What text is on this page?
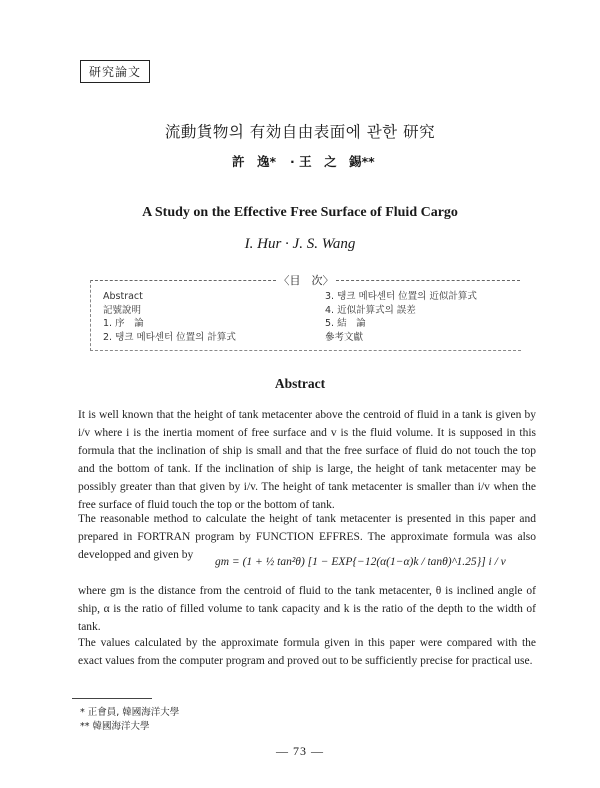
研究論文
流動貨物의 有効自由表面에 관한 研究
許　逸* · 王　之　錫**
A Study on the Effective Free Surface of Fluid Cargo
I. Hur · J. S. Wang
〈目　次〉
Abstract
記號說明
1. 序　論
2. 탱크 메타센터 位置의 計算式
3. 탱크 메타센터 位置의 近似計算式
4. 近似計算式의 誤差
5. 結　論
參考文獻
Abstract
It is well known that the height of tank metacenter above the centroid of fluid in a tank is given by i/v where i is the inertia moment of free surface and v is the fluid volume. It is supposed in this formula that the inclination of ship is small and that the free surface of fluid do not touch the top and the bottom of tank. If the inclination of ship is large, the height of tank metacenter may be possibly greater than that given by i/v. The height of tank metacenter is smaller than i/v when the free surface of fluid touch the top or the bottom of tank.
The reasonable method to calculate the height of tank metacenter is presented in this paper and prepared in FORTRAN program by FUNCTION EFFRES. The approximate formula was also developped and given by
gm = (1 + ½ tan²θ) [1 − EXP{−12(α(1−α)k / tanθ)^1.25}] i / v
where gm is the distance from the centroid of fluid to the tank metacenter, θ is inclined angle of ship, α is the ratio of filled volume to tank capacity and k is the ratio of the depth to the width of tank.
The values calculated by the approximate formula given in this paper were compared with the exact values from the computer program and proved out to be sufficiently precise for practical use.
* 正會員, 韓國海洋大學
** 韓國海洋大學
— 73 —
